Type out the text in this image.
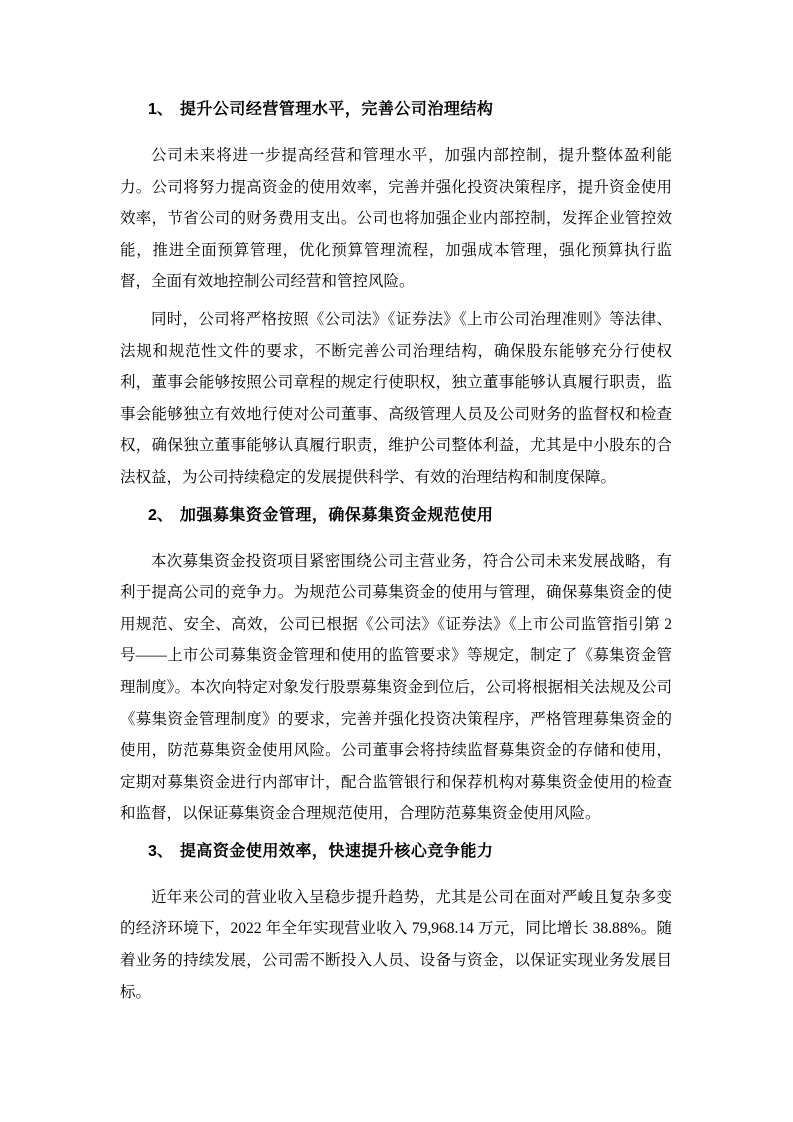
1、 提升公司经营管理水平，完善公司治理结构

公司未来将进一步提高经营和管理水平，加强内部控制，提升整体盈利能力。公司将努力提高资金的使用效率，完善并强化投资决策程序，提升资金使用效率，节省公司的财务费用支出。公司也将加强企业内部控制，发挥企业管控效能，推进全面预算管理，优化预算管理流程，加强成本管理，强化预算执行监督，全面有效地控制公司经营和管控风险。

同时，公司将严格按照《公司法》《证券法》《上市公司治理准则》等法律、法规和规范性文件的要求，不断完善公司治理结构，确保股东能够充分行使权利，董事会能够按照公司章程的规定行使职权，独立董事能够认真履行职责，监事会能够独立有效地行使对公司董事、高级管理人员及公司财务的监督权和检查权，确保独立董事能够认真履行职责，维护公司整体利益，尤其是中小股东的合法权益，为公司持续稳定的发展提供科学、有效的治理结构和制度保障。

2、 加强募集资金管理，确保募集资金规范使用

本次募集资金投资项目紧密围绕公司主营业务，符合公司未来发展战略，有利于提高公司的竞争力。为规范公司募集资金的使用与管理，确保募集资金的使用规范、安全、高效，公司已根据《公司法》《证券法》《上市公司监管指引第 2 号——上市公司募集资金管理和使用的监管要求》等规定，制定了《募集资金管理制度》。本次向特定对象发行股票募集资金到位后，公司将根据相关法规及公司《募集资金管理制度》的要求，完善并强化投资决策程序，严格管理募集资金的使用，防范募集资金使用风险。公司董事会将持续监督募集资金的存储和使用，定期对募集资金进行内部审计，配合监管银行和保荐机构对募集资金使用的检查和监督，以保证募集资金合理规范使用，合理防范募集资金使用风险。

3、 提高资金使用效率，快速提升核心竞争能力

近年来公司的营业收入呈稳步提升趋势，尤其是公司在面对严峻且复杂多变的经济环境下，2022 年全年实现营业收入 79,968.14 万元，同比增长 38.88%。随着业务的持续发展，公司需不断投入人员、设备与资金，以保证实现业务发展目标。
